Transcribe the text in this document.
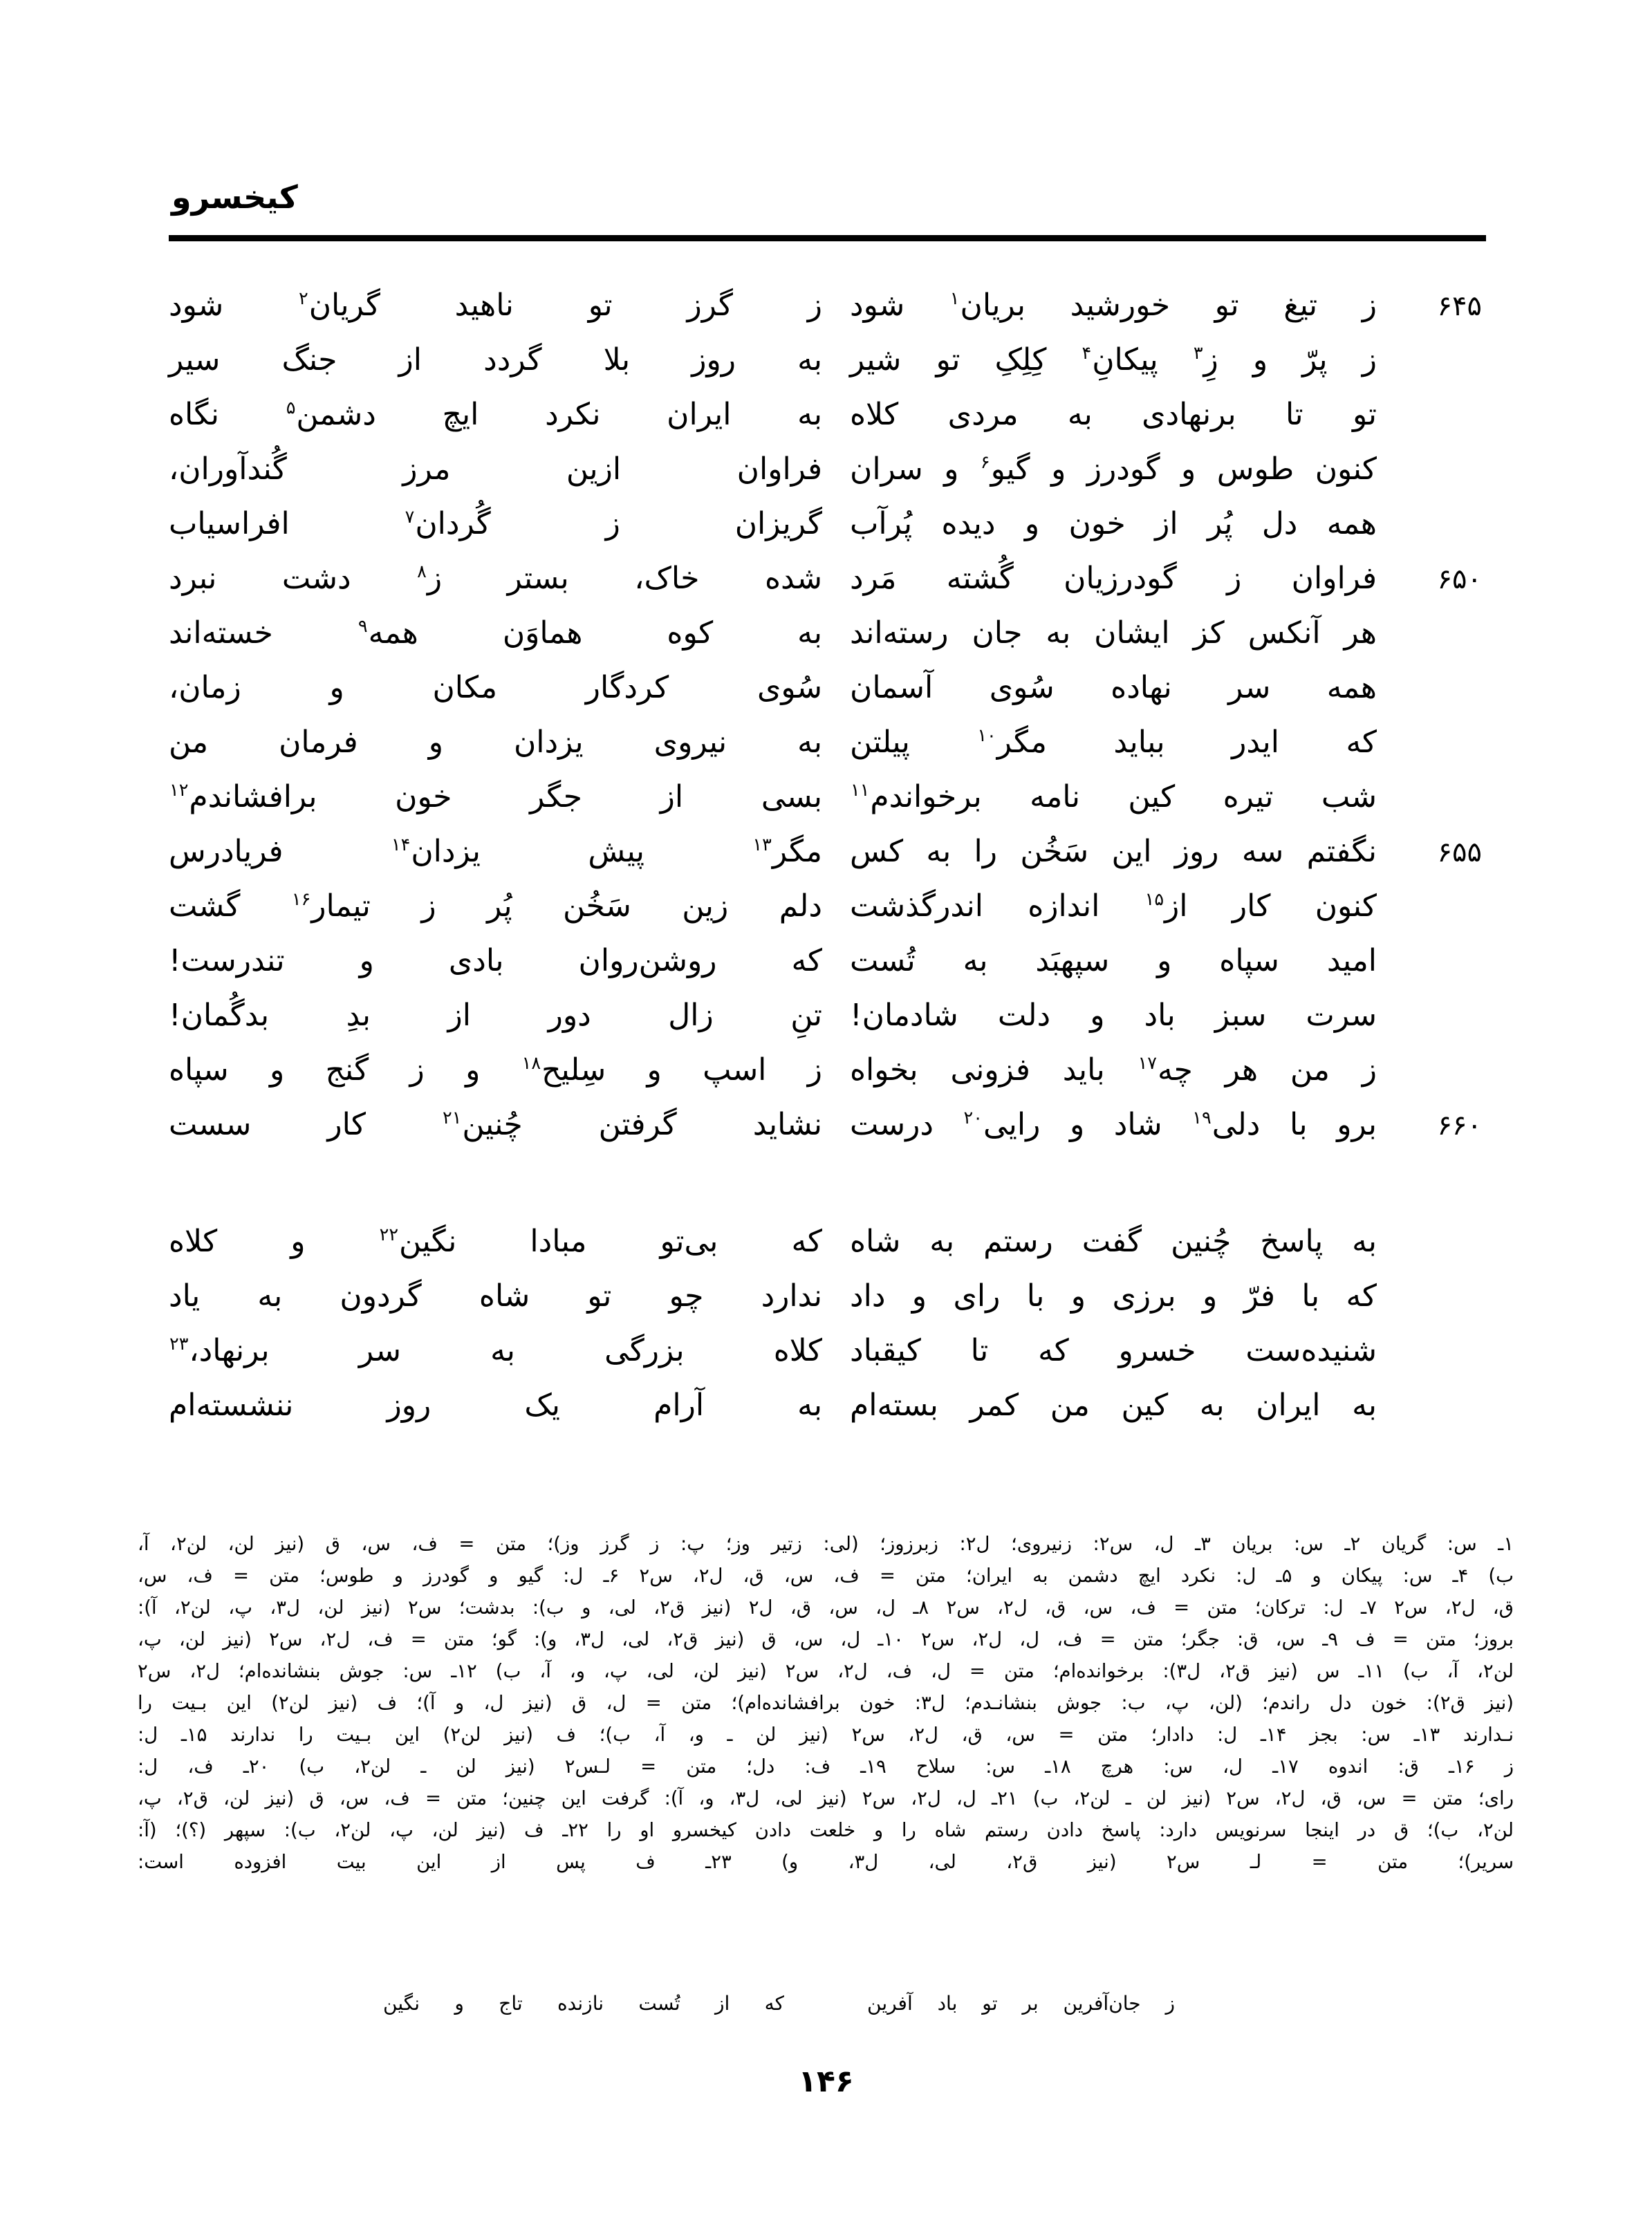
کیخسرو
۶۴۵
ز تیغ تو خورشید بریان$^۱$ شود
ز گرز تو ناهید گریان$^۲$ شود
ز پرّ و زِ$^۳$ پیکانِ$^۴$ کِلِکِ تو شیر
به روز بلا گردد از جنگ سیر
تو تا برنهادی به مردی کلاه
به ایران نکرد ایچ دشمن$^۵$ نگاه
کنون طوس و گودرز و گیو$^۶$ و سران
فراوان ازین مرز گُندآوران،
همه دل پُر از خون و دیده پُرآب
گریزان ز گُردان$^۷$ افراسیاب
۶۵۰
فراوان ز گودرزیان گُشته مَرد
شده خاک، بستر ز$^۸$ دشت نبرد
هر آنکس کز ایشان به جان رسته‌اند
به کوه هماوَن همه$^۹$ خسته‌اند
همه سر نهاده سُوی آسمان
سُوی کردگار مکان و زمان،
که ایدر بباید مگر$^{۱۰}$ پیلتن
به نیروی یزدان و فرمان من
شب تیره کین نامه برخواندم$^{۱۱}$
بسی از جگر خون برافشاندم$^{۱۲}$
۶۵۵
نگفتم سه روز این سَخُن را به کس
مگر$^{۱۳}$ پیش یزدان$^{۱۴}$ فریادرس
کنون کار از$^{۱۵}$ اندازه اندرگذشت
دلم زین سَخُن پُر ز تیمار$^{۱۶}$ گشت
امید سپاه و سپهبَد به تُست
که روشن‌روان بادی و تندرست!
سرت سبز باد و دلت شادمان!
تنِ زال دور از بدِ بدگُمان!
ز من هر چه$^{۱۷}$ باید فزونی بخواه
ز اسپ و سِلیح$^{۱۸}$ و ز گنج و سپاه
۶۶۰
برو با دلی$^{۱۹}$ شاد و رایی$^{۲۰}$ درست
نشاید گرفتن چُنین$^{۲۱}$ کار سست
به پاسخ چُنین گفت رستم به شاه
که بی‌تو مبادا نگین$^{۲۲}$ و کلاه
که با فرّ و برزی و با رای و داد
ندارد چو تو شاه گردون به یاد
شنیده‌ست خسرو که تا کیقباد
کلاه بزرگی به سر برنهاد،$^{۲۳}$
به ایران به کین من کمر بسته‌ام
به آرام یک روز ننشسته‌ام
۱ـ س: گریان ۲ـ س: بریان ۳ـ ل، س‌۲: زنیروی؛ ل‌۲: زبرزوز؛ (لی: زتیر وز؛ پ: ز گرز وز)؛ متن = ف، س، ق (نیز لن، لن‌۲، آ،
ب) ۴ـ س: پیکان و ۵ـ ل: نکرد ایچ دشمن به ایران؛ متن = ف، س، ق، ل‌۲، س‌۲ ۶ـ ل: گیو و گودرز و طوس؛ متن = ف، س،
ق، ل‌۲، س‌۲ ۷ـ ل: ترکان؛ متن = ف، س، ق، ل‌۲، س‌۲ ۸ـ ل، س، ق، ل‌۲ (نیز ق‌۲، لی، و ب): بدشت؛ س‌۲ (نیز لن، ل‌۳، پ، لن‌۲، آ):
بروز؛ متن = ف ۹ـ س، ق: جگر؛ متن = ف، ل، ل‌۲، س‌۲ ۱۰ـ ل، س، ق (نیز ق‌۲، لی، ل‌۳، و): گو؛ متن = ف، ل‌۲، س‌۲ (نیز لن، پ،
لن‌۲، آ، ب) ۱۱ـ س (نیز ق‌۲، ل‌۳): برخوانده‌ام؛ متن = ل، ف، ل‌۲، س‌۲ (نیز لن، لی، پ، و، آ، ب) ۱۲ـ س: جوش بنشانده‌ام؛ ل‌۲، س‌۲
(نیز ق‌۲): خون دل راندم؛ (لن، پ، ب: جوش بنشانـدم؛ ل‌۳: خون برافشانده‌ام)؛ متن = ل، ق (نیز ل، و آ)؛ ف (نیز لن‌۲) این بـیت را
نـدارند ۱۳ـ س: بجز ۱۴ـ ل: دادار؛ متن = س، ق، ل‌۲، س‌۲ (نیز لن ـ و، آ، ب)؛ ف (نیز لن‌۲) این بـیت را ندارند ۱۵ـ ل:
ز ۱۶ـ ق: اندوه ۱۷ـ ل، س: هرچ ۱۸ـ س: سلاح ۱۹ـ ف: دل؛ متن = لـس‌۲ (نیز لن ـ لن‌۲، ب) ۲۰ـ ف، ل:
رای؛ متن = س، ق، ل‌۲، س‌۲ (نیز لن ـ لن‌۲، ب) ۲۱ـ ل، ل‌۲، س‌۲ (نیز لی، ل‌۳، و، آ): گرفت این چنین؛ متن = ف، س، ق (نیز لن، ق‌۲، پ،
لن‌۲، ب)؛ ق در اینجا سرنویس دارد: پاسخ دادن رستم شاه را و خلعت دادن کیخسرو او را ۲۲ـ ف (نیز لن، پ، لن‌۲، ب): سپهر (؟)؛ (آ:
سریر)؛ متن = لـ س‌۲ (نیز ق‌۲، لی، ل‌۳، و) ۲۳ـ ف پس از این بیت افزوده است:
ز جان‌آفرین بر تو باد آفرین
که از تُست نازنده تاج و نگین
۱۴۶
